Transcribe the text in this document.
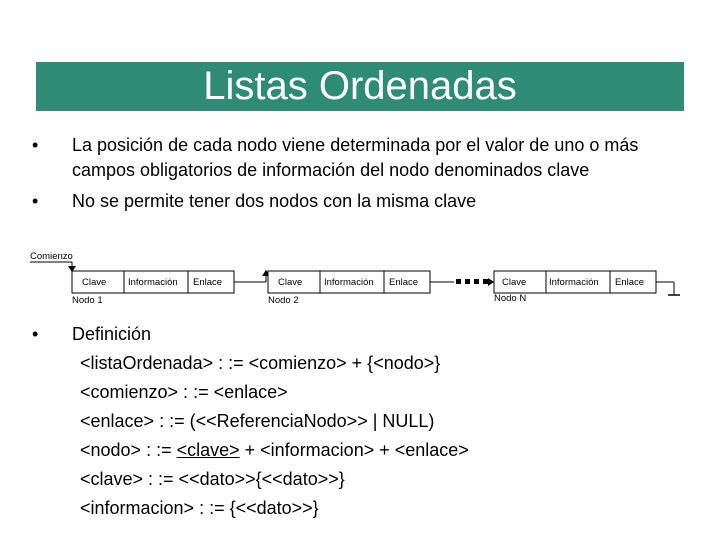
Listas Ordenadas
•	La posición de cada nodo viene determinada por el valor de uno o más campos obligatorios de información del nodo denominados clave
•	No se permite tener dos nodos con la misma clave
Comienzo
Clave Información Enlace
Nodo 1
Clave Información Enlace
Nodo 2
Clave Información Enlace
Nodo N
•	Definición
<listaOrdenada> : := <comienzo> + {<nodo>}
<comienzo> : := <enlace>
<enlace> : := (<<ReferenciaNodo>> | NULL)
<nodo> : := <clave> + <informacion> + <enlace>
<clave> : := <<dato>>{<<dato>>}
<informacion> : := {<<dato>>}
